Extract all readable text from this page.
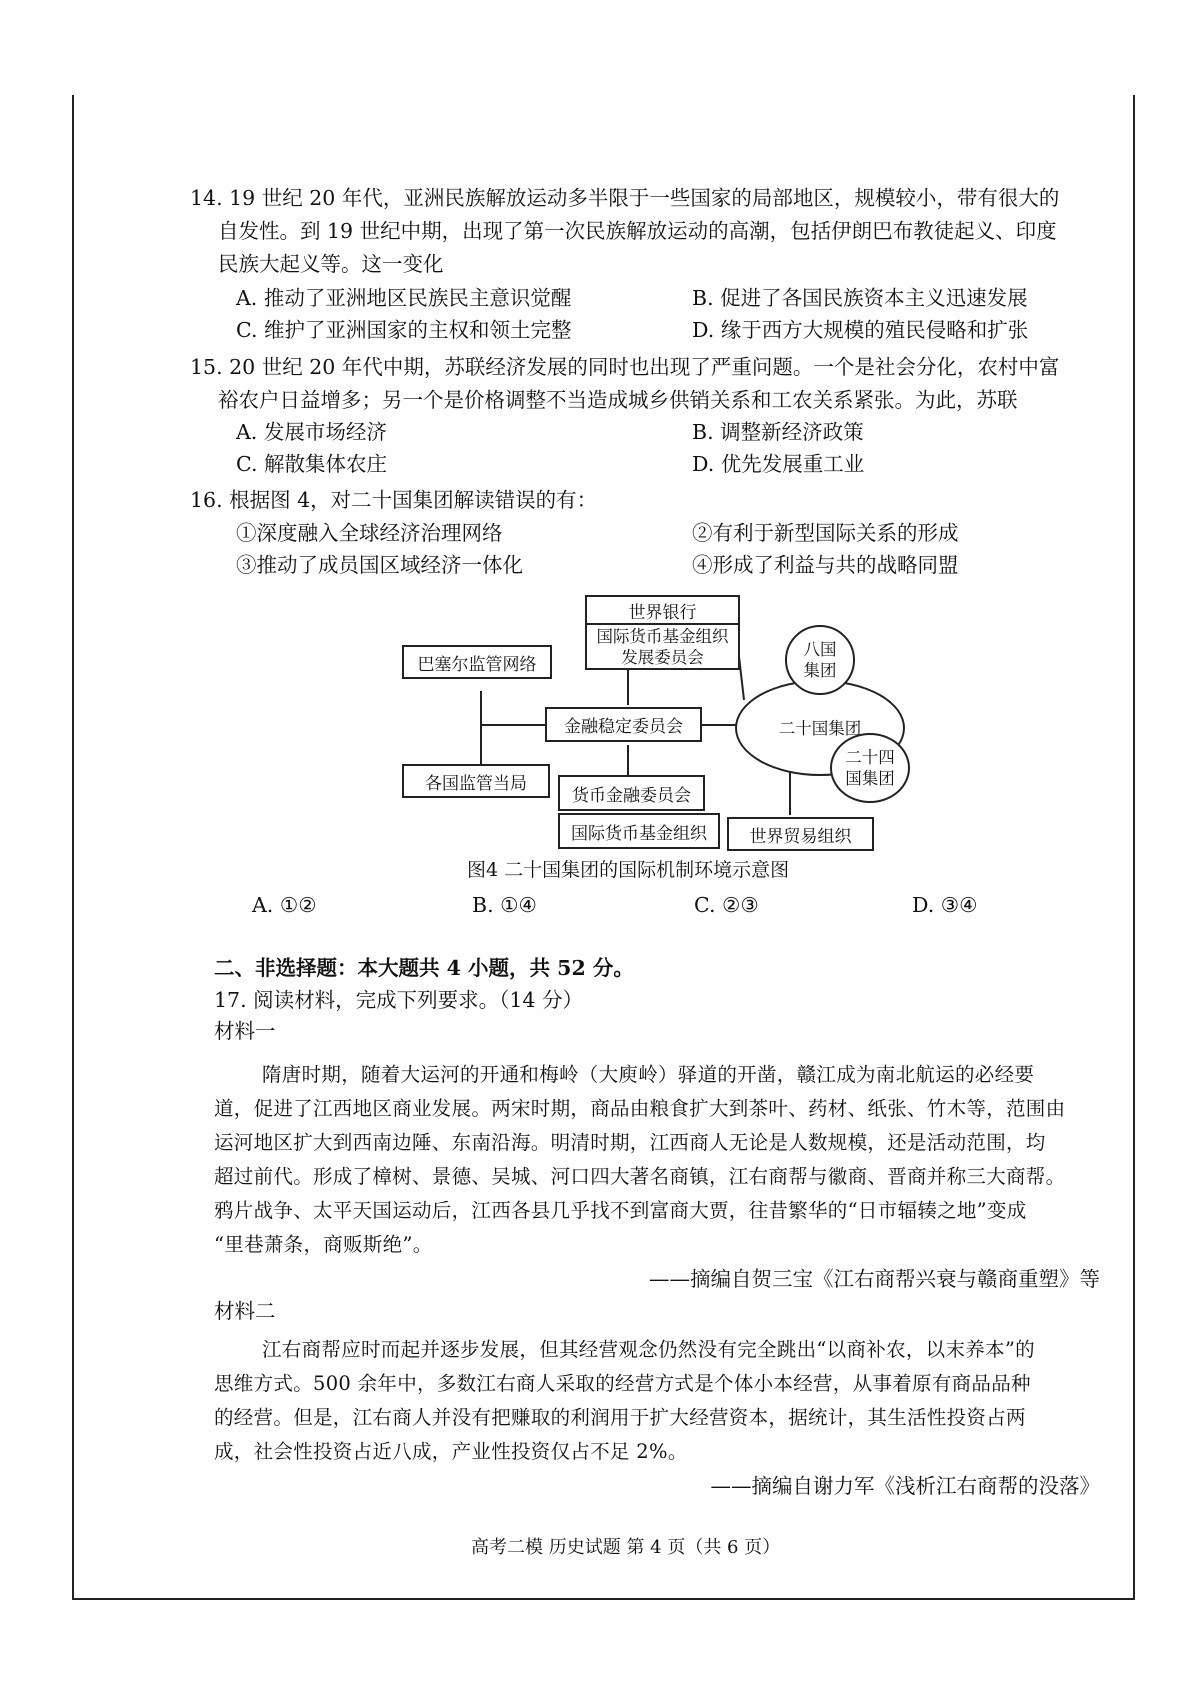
14. 19 世纪 20 年代，亚洲民族解放运动多半限于一些国家的局部地区，规模较小，带有很大的
自发性。到 19 世纪中期，出现了第一次民族解放运动的高潮，包括伊朗巴布教徒起义、印度
民族大起义等。这一变化
A. 推动了亚洲地区民族民主意识觉醒	B. 促进了各国民族资本主义迅速发展
C. 维护了亚洲国家的主权和领土完整	D. 缘于西方大规模的殖民侵略和扩张
15. 20 世纪 20 年代中期，苏联经济发展的同时也出现了严重问题。一个是社会分化，农村中富
裕农户日益增多；另一个是价格调整不当造成城乡供销关系和工农关系紧张。为此，苏联
A. 发展市场经济	B. 调整新经济政策
C. 解散集体农庄	D. 优先发展重工业
16. 根据图 4，对二十国集团解读错误的有：
①深度融入全球经济治理网络	②有利于新型国际关系的形成
③推动了成员国区域经济一体化	④形成了利益与共的战略同盟
世界银行
国际货币基金组织发展委员会
巴塞尔监管网络
金融稳定委员会
各国监管当局
货币金融委员会
国际货币基金组织	世界贸易组织
二十国集团
八国集团
二十四国集团
图4 二十国集团的国际机制环境示意图
A. ①②	B. ①④	C. ②③	D. ③④
二、非选择题：本大题共 4 小题，共 52 分。
17. 阅读材料，完成下列要求。（14 分）
材料一
隋唐时期，随着大运河的开通和梅岭（大庾岭）驿道的开凿，赣江成为南北航运的必经要
道，促进了江西地区商业发展。两宋时期，商品由粮食扩大到茶叶、药材、纸张、竹木等，范围由
运河地区扩大到西南边陲、东南沿海。明清时期，江西商人无论是人数规模，还是活动范围，均
超过前代。形成了樟树、景德、吴城、河口四大著名商镇，江右商帮与徽商、晋商并称三大商帮。
鸦片战争、太平天国运动后，江西各县几乎找不到富商大贾，往昔繁华的“日市辐辏之地”变成
“里巷萧条，商贩斯绝”。
——摘编自贺三宝《江右商帮兴衰与赣商重塑》等
材料二
江右商帮应时而起并逐步发展，但其经营观念仍然没有完全跳出“以商补农，以末养本”的
思维方式。500 余年中，多数江右商人采取的经营方式是个体小本经营，从事着原有商品品种
的经营。但是，江右商人并没有把赚取的利润用于扩大经营资本，据统计，其生活性投资占两
成，社会性投资占近八成，产业性投资仅占不足 2%。
——摘编自谢力军《浅析江右商帮的没落》
高考二模 历史试题 第 4 页（共 6 页）
